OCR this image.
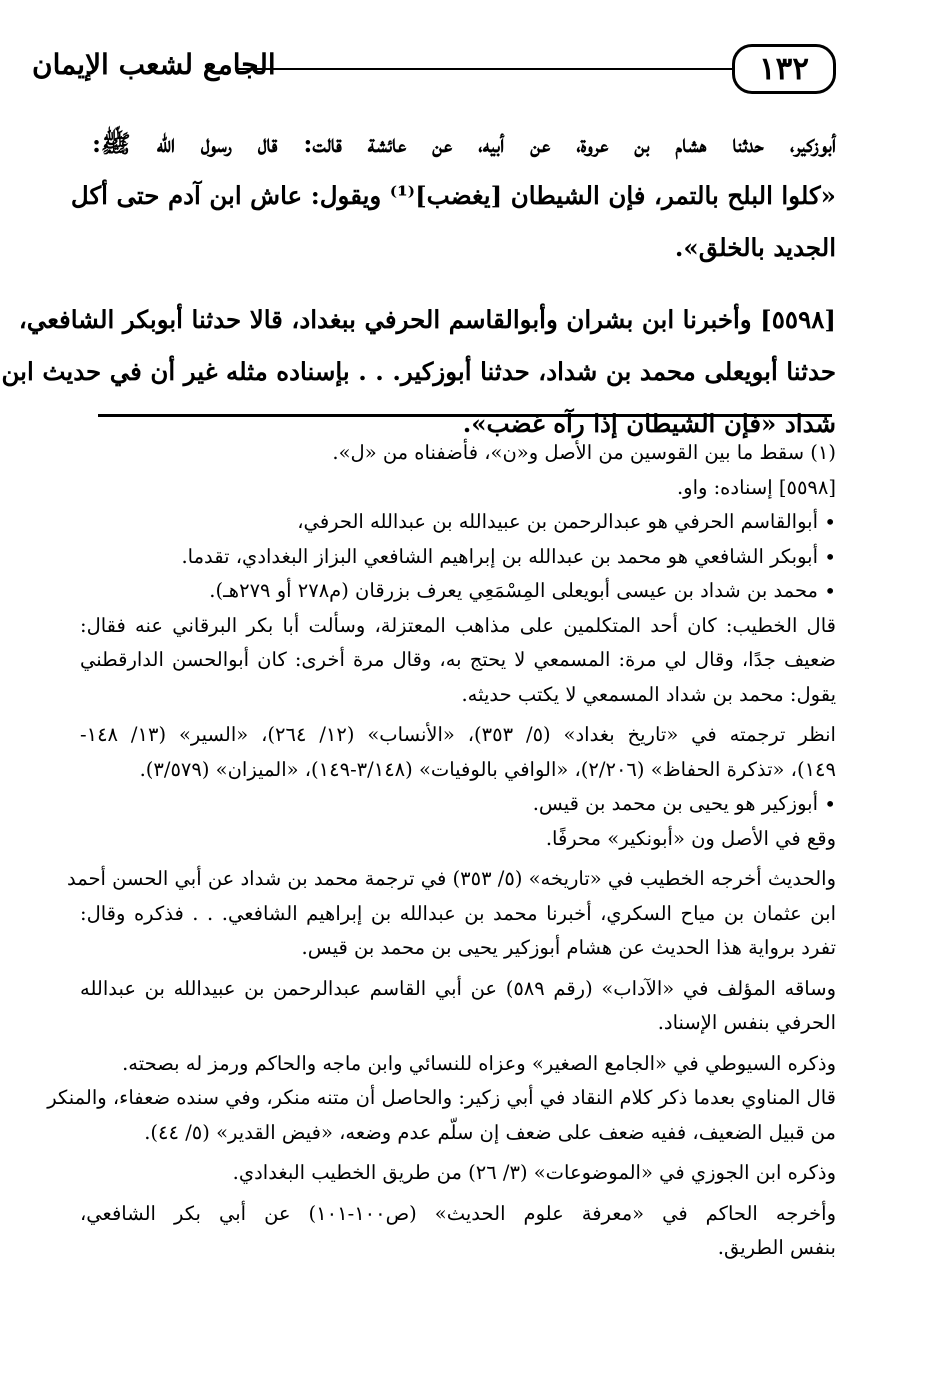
١٣٢
الجامع لشعب الإيمان
أبوزكير، حدثنا هشام بن عروة، عن أبيه، عن عائشة قالت: قال رسول الله ﷺ:
«كلوا البلح بالتمر، فإن الشيطان [يغضب]⁽¹⁾ ويقول: عاش ابن آدم حتى أكل
الجديد بالخلق».
[٥٥٩٨] وأخبرنا ابن بشران وأبوالقاسم الحرفي ببغداد، قالا حدثنا أبوبكر الشافعي،
حدثنا أبويعلى محمد بن شداد، حدثنا أبوزكير. . . بإسناده مثله غير أن في حديث ابن
شداد «فإن الشيطان إذا رآه غضب».
(١) سقط ما بين القوسين من الأصل و«ن»، فأضفناه من «ل».
[٥٥٩٨] إسناده: واو.
• أبوالقاسم الحرفي هو عبدالرحمن بن عبيدالله بن عبدالله الحرفي،
• أبوبكر الشافعي هو محمد بن عبدالله بن إبراهيم الشافعي البزاز البغدادي، تقدما.
• محمد بن شداد بن عيسى أبويعلى المِسْمَعِي يعرف بزرقان (م٢٧٨ أو ٢٧٩هـ).
قال الخطيب: كان أحد المتكلمين على مذاهب المعتزلة، وسألت أبا بكر البرقاني عنه فقال:
ضعيف جدًا، وقال لي مرة: المسمعي لا يحتج به، وقال مرة أخرى: كان أبوالحسن الدارقطني
يقول: محمد بن شداد المسمعي لا يكتب حديثه.
انظر ترجمته في «تاريخ بغداد» (٥/ ٣٥٣)، «الأنساب» (١٢/ ٢٦٤)، «السير» (١٣/ ١٤٨-
١٤٩)، «تذكرة الحفاظ» (٢/٢٠٦)، «الوافي بالوفيات» (٣/١٤٨-١٤٩)، «الميزان» (٣/٥٧٩).
• أبوزكير هو يحيى بن محمد بن قيس.
وقع في الأصل ون «أبونكير» محرفًا.
والحديث أخرجه الخطيب في «تاريخه» (٥/ ٣٥٣) في ترجمة محمد بن شداد عن أبي الحسن أحمد
ابن عثمان بن مياح السكري، أخبرنا محمد بن عبدالله بن إبراهيم الشافعي. . . فذكره وقال:
تفرد برواية هذا الحديث عن هشام أبوزكير يحيى بن محمد بن قيس.
وساقه المؤلف في «الآداب» (رقم ٥٨٩) عن أبي القاسم عبدالرحمن بن عبيدالله بن عبدالله
الحرفي بنفس الإسناد.
وذكره السيوطي في «الجامع الصغير» وعزاه للنسائي وابن ماجه والحاكم ورمز له بصحته.
قال المناوي بعدما ذكر كلام النقاد في أبي زكير: والحاصل أن متنه منكر، وفي سنده ضعفاء، والمنكر
من قبيل الضعيف، ففيه ضعف على ضعف إن سلّم عدم وضعه، «فيض القدير» (٥/ ٤٤).
وذكره ابن الجوزي في «الموضوعات» (٣/ ٢٦) من طريق الخطيب البغدادي.
وأخرجه الحاكم في «معرفة علوم الحديث» (ص١٠٠-١٠١) عن أبي بكر الشافعي،
بنفس الطريق.
